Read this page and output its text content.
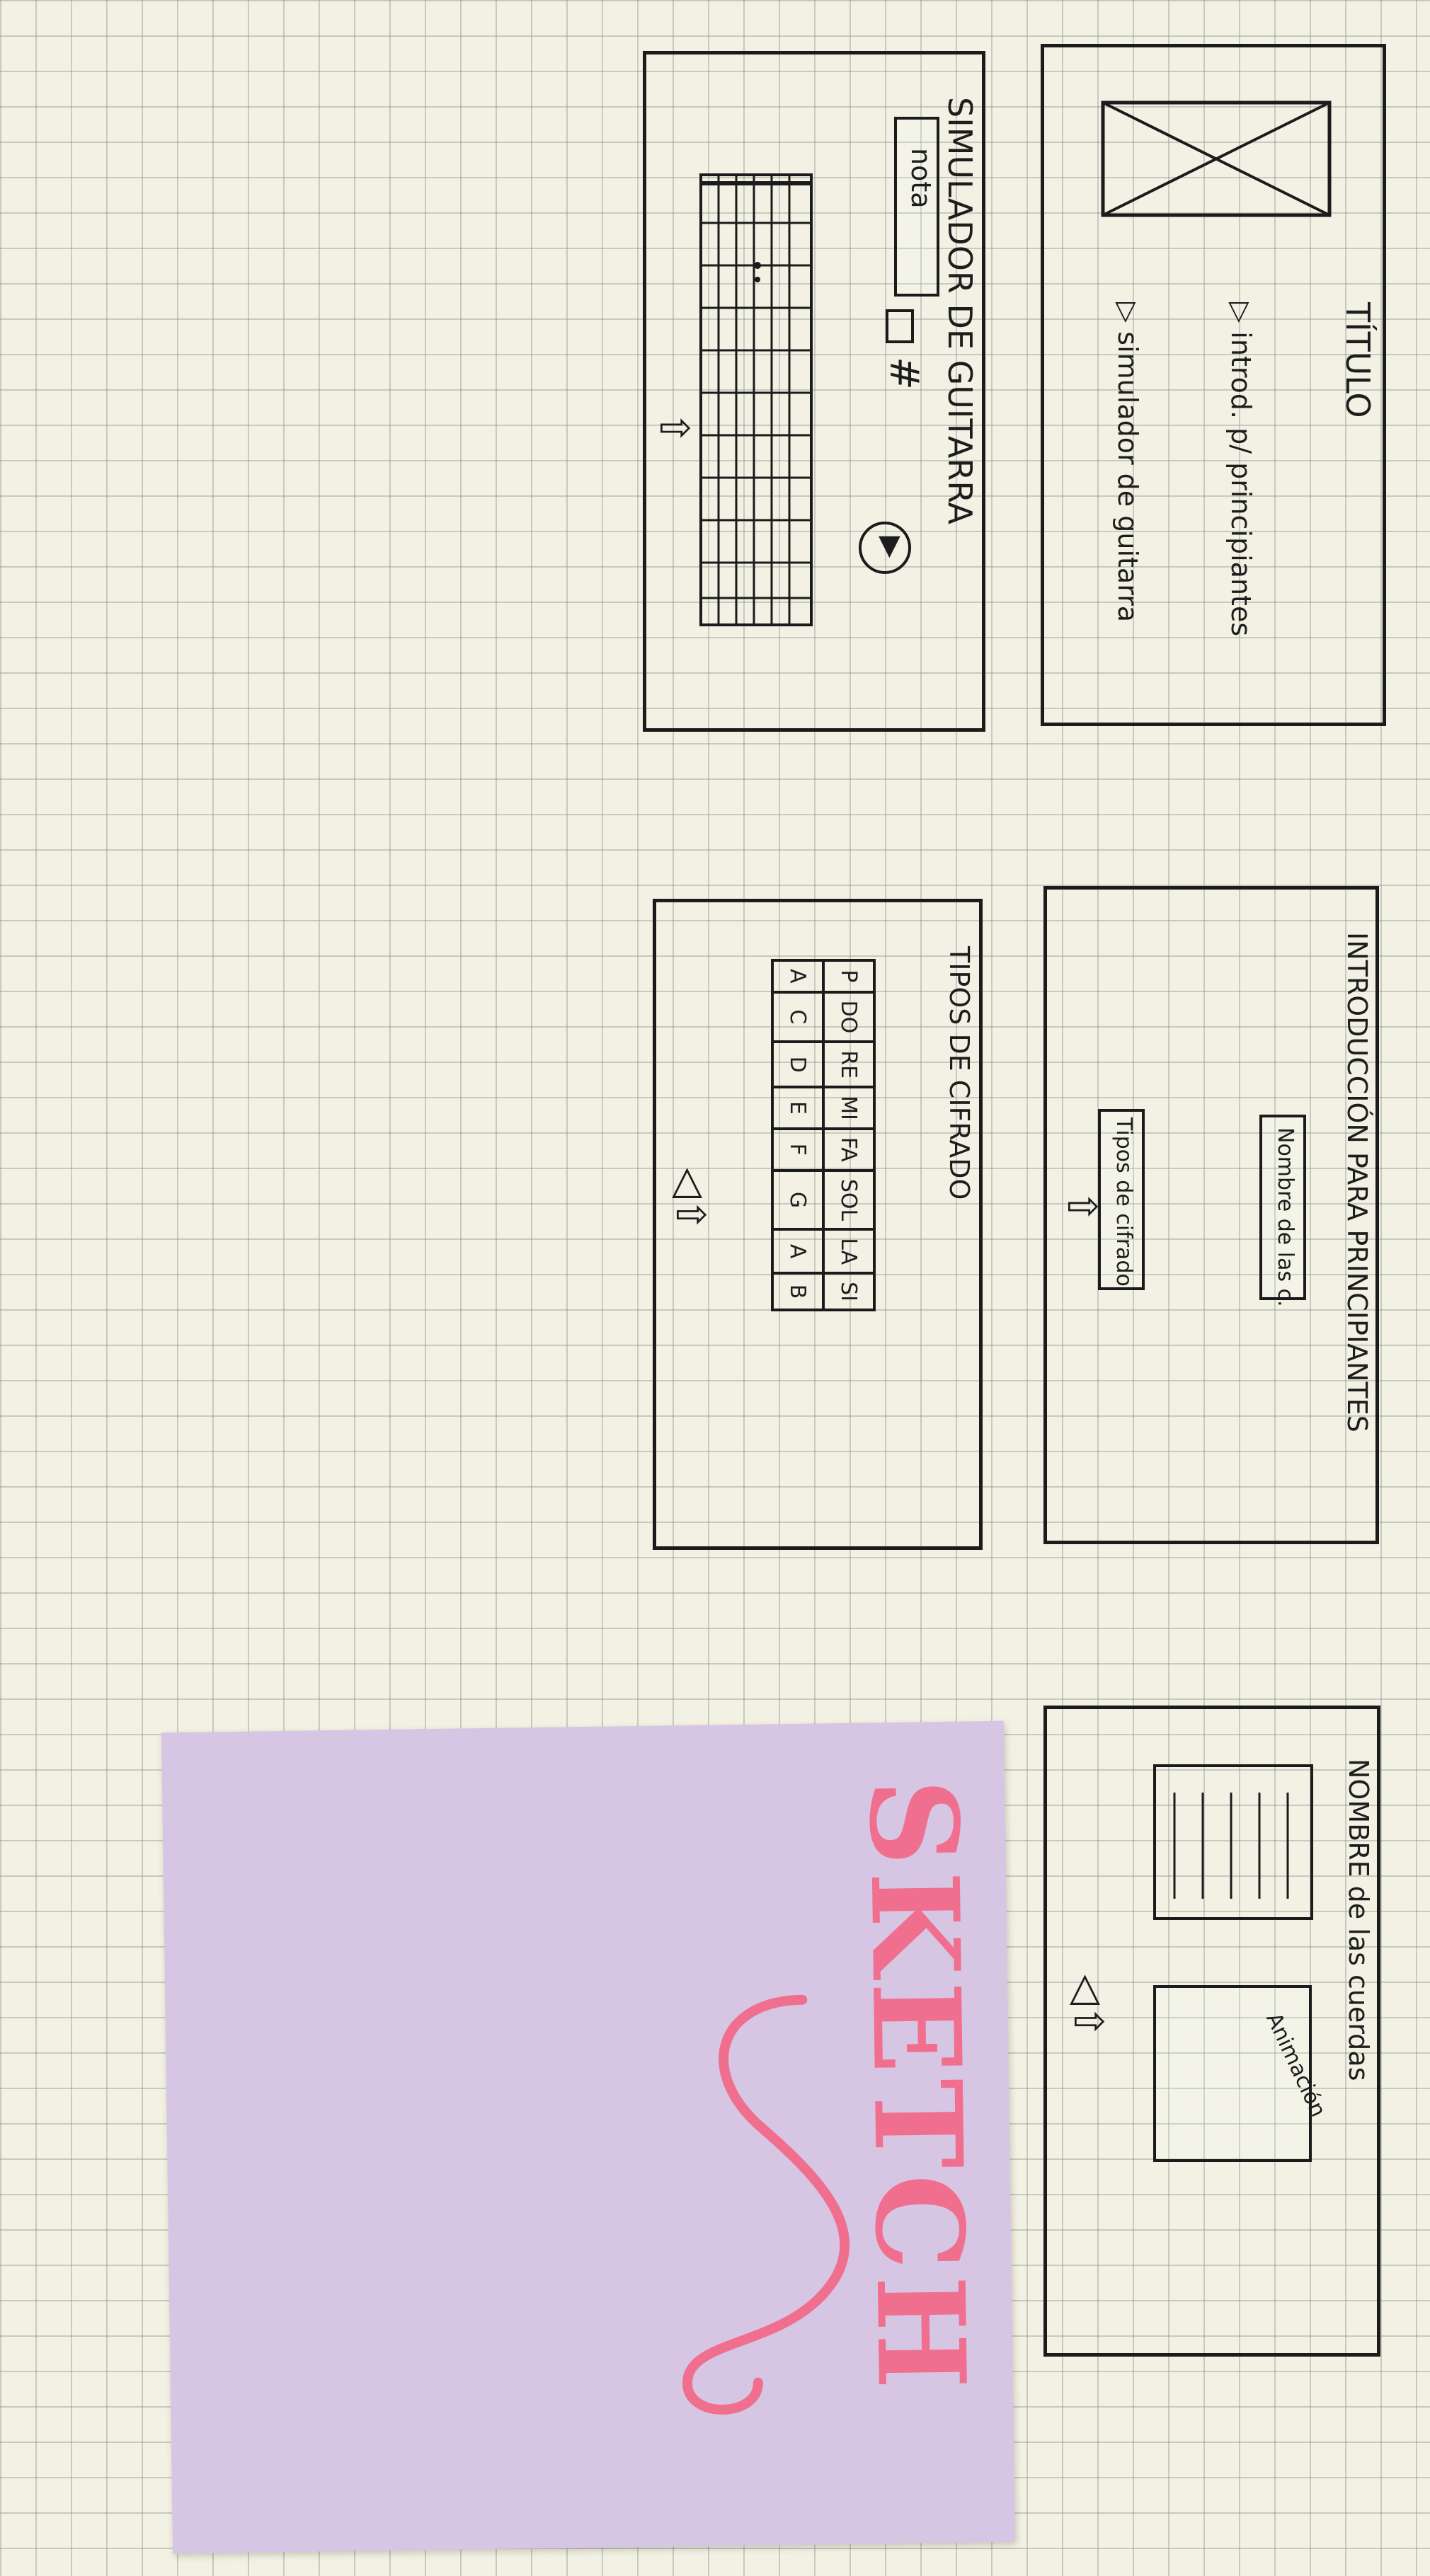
TÍTULO
▷ introd. p/ principiantes
▷ simulador de guitarra
SIMULADOR DE GUITARRA
nota
#
▶
⇧
INTRODUCCIÓN PARA PRINCIPIANTES
Nombre de las c.
Tipos de cifrado
⇧
TIPOS DE CIFRADO
P	DO	RE	MI	FA	SOL	LA	SI
A	C	D	E	F	G	A	B
◁⇧
NOMBRE de las cuerdas
Animación
◁⇧
SKETCH
